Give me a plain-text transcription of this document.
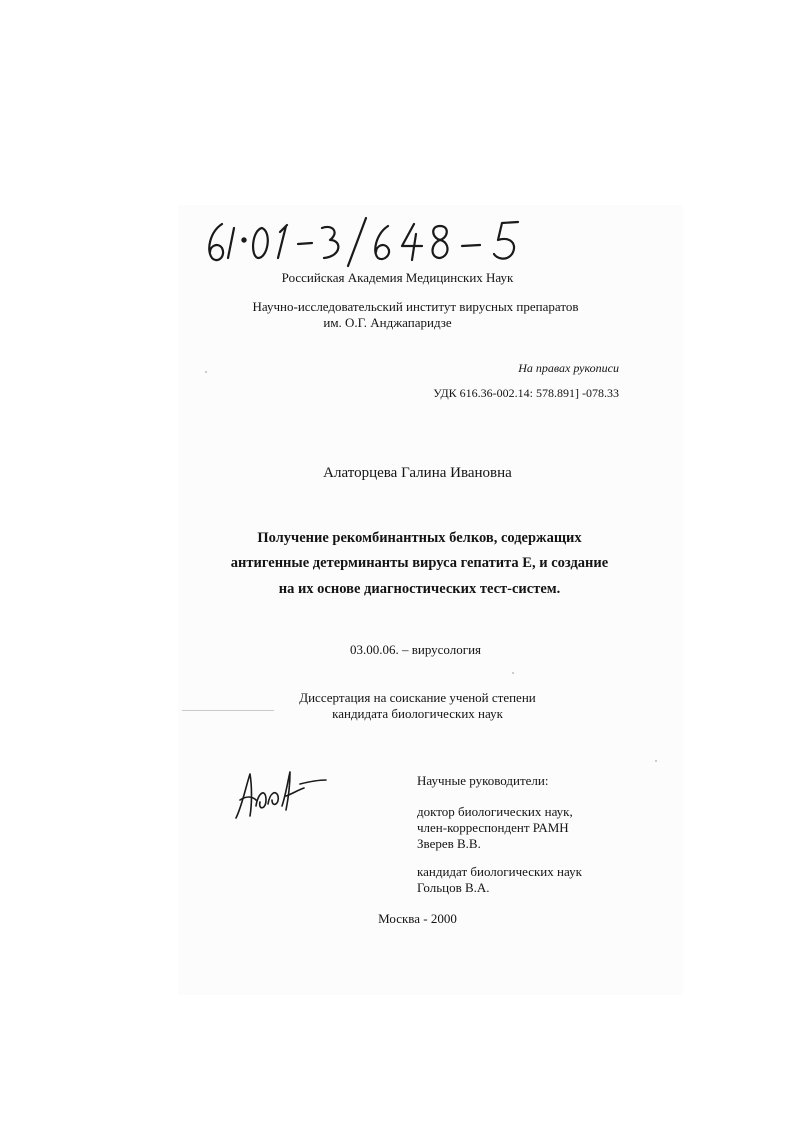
Российская Академия Медицинских Наук
Научно-исследовательский институт вирусных препаратов
им. О.Г. Анджапаридзе
На правах рукописи
УДК 616.36-002.14: 578.891] -078.33
Алаторцева Галина Ивановна
Получение рекомбинантных белков, содержащих
антигенные детерминанты вируса гепатита Е, и создание
на их основе диагностических тест-систем.
03.00.06. – вирусология
Диссертация на соискание ученой степени
кандидата биологических наук
Научные руководители:
доктор биологических наук,
член-корреспондент РАМН
Зверев В.В.
кандидат биологических наук
Гольцов В.А.
Москва - 2000
